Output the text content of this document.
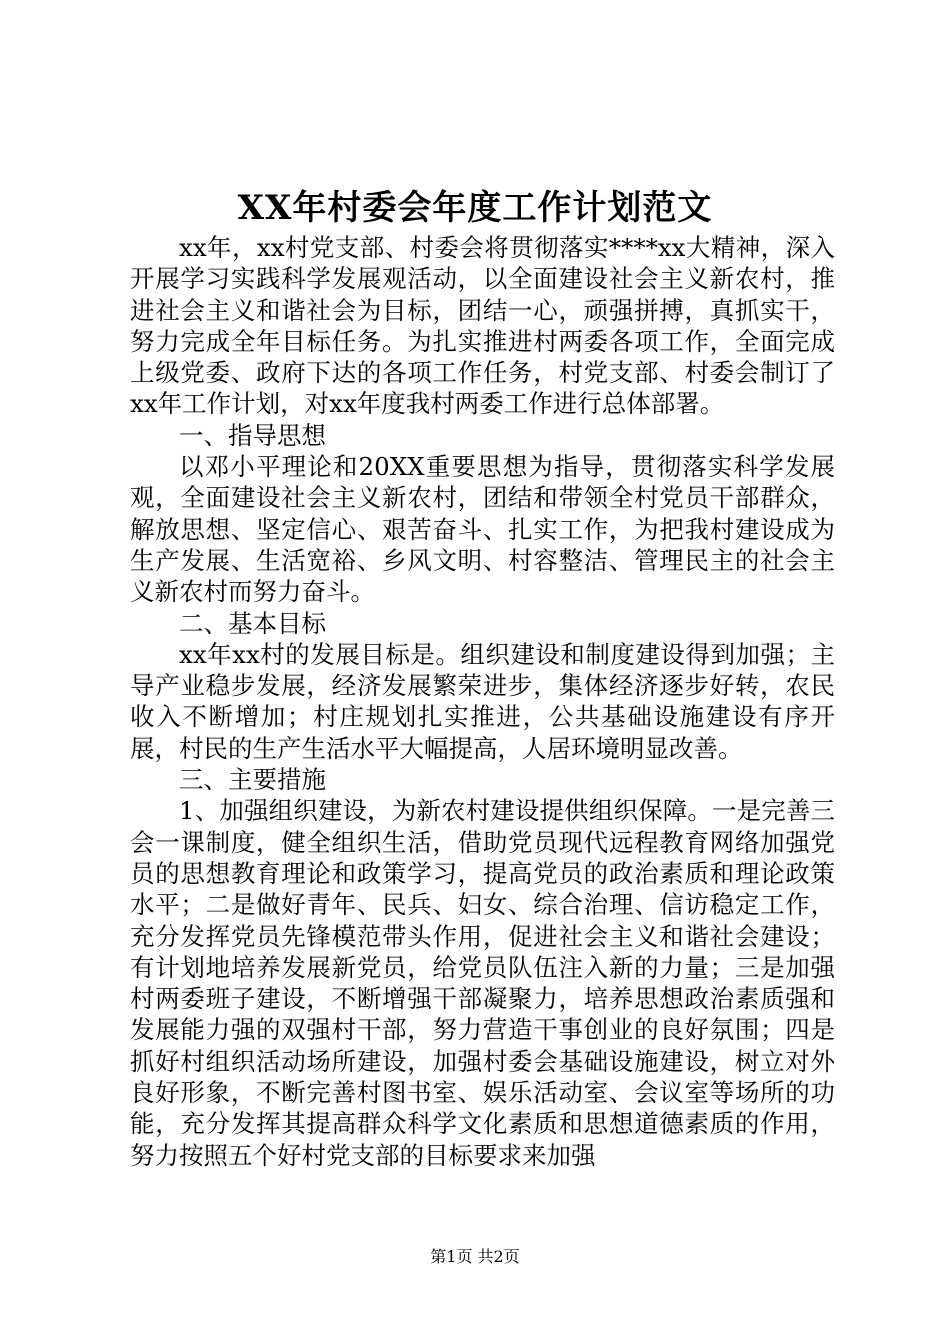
XX年村委会年度工作计划范文

xx年，xx村党支部、村委会将贯彻落实****xx大精神，深入开展学习实践科学发展观活动，以全面建设社会主义新农村，推进社会主义和谐社会为目标，团结一心，顽强拼搏，真抓实干，努力完成全年目标任务。为扎实推进村两委各项工作，全面完成上级党委、政府下达的各项工作任务，村党支部、村委会制订了xx年工作计划，对xx年度我村两委工作进行总体部署。

一、指导思想

以邓小平理论和20XX重要思想为指导，贯彻落实科学发展观，全面建设社会主义新农村，团结和带领全村党员干部群众，解放思想、坚定信心、艰苦奋斗、扎实工作，为把我村建设成为生产发展、生活宽裕、乡风文明、村容整洁、管理民主的社会主义新农村而努力奋斗。

二、基本目标

xx年xx村的发展目标是。组织建设和制度建设得到加强；主导产业稳步发展，经济发展繁荣进步，集体经济逐步好转，农民收入不断增加；村庄规划扎实推进，公共基础设施建设有序开展，村民的生产生活水平大幅提高，人居环境明显改善。

三、主要措施

1、加强组织建设，为新农村建设提供组织保障。一是完善三会一课制度，健全组织生活，借助党员现代远程教育网络加强党员的思想教育理论和政策学习，提高党员的政治素质和理论政策水平；二是做好青年、民兵、妇女、综合治理、信访稳定工作，充分发挥党员先锋模范带头作用，促进社会主义和谐社会建设；有计划地培养发展新党员，给党员队伍注入新的力量；三是加强村两委班子建设，不断增强干部凝聚力，培养思想政治素质强和发展能力强的双强村干部，努力营造干事创业的良好氛围；四是抓好村组织活动场所建设，加强村委会基础设施建设，树立对外良好形象，不断完善村图书室、娱乐活动室、会议室等场所的功能，充分发挥其提高群众科学文化素质和思想道德素质的作用，努力按照五个好村党支部的目标要求来加强

第1页 共2页
